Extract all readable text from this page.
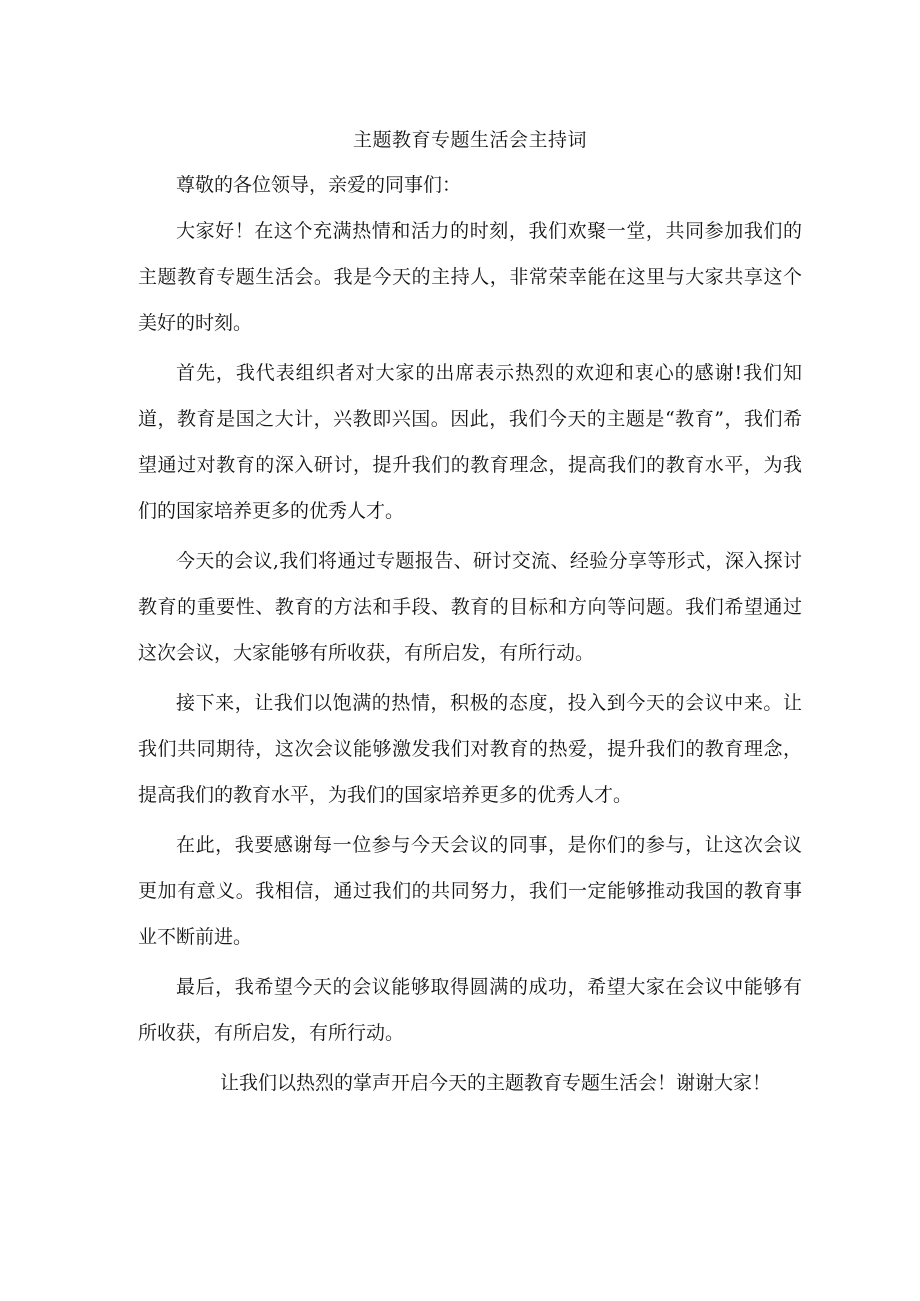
主题教育专题生活会主持词

尊敬的各位领导，亲爱的同事们：

大家好！在这个充满热情和活力的时刻，我们欢聚一堂，共同参加我们的主题教育专题生活会。我是今天的主持人，非常荣幸能在这里与大家共享这个美好的时刻。

首先，我代表组织者对大家的出席表示热烈的欢迎和衷心的感谢!我们知道，教育是国之大计，兴教即兴国。因此，我们今天的主题是“教育”，我们希望通过对教育的深入研讨，提升我们的教育理念，提高我们的教育水平，为我们的国家培养更多的优秀人才。

今天的会议,我们将通过专题报告、研讨交流、经验分享等形式，深入探讨教育的重要性、教育的方法和手段、教育的目标和方向等问题。我们希望通过这次会议，大家能够有所收获，有所启发，有所行动。

接下来，让我们以饱满的热情，积极的态度，投入到今天的会议中来。让我们共同期待，这次会议能够激发我们对教育的热爱，提升我们的教育理念，提高我们的教育水平，为我们的国家培养更多的优秀人才。

在此，我要感谢每一位参与今天会议的同事，是你们的参与，让这次会议更加有意义。我相信，通过我们的共同努力，我们一定能够推动我国的教育事业不断前进。

最后，我希望今天的会议能够取得圆满的成功，希望大家在会议中能够有所收获，有所启发，有所行动。

让我们以热烈的掌声开启今天的主题教育专题生活会！谢谢大家！
